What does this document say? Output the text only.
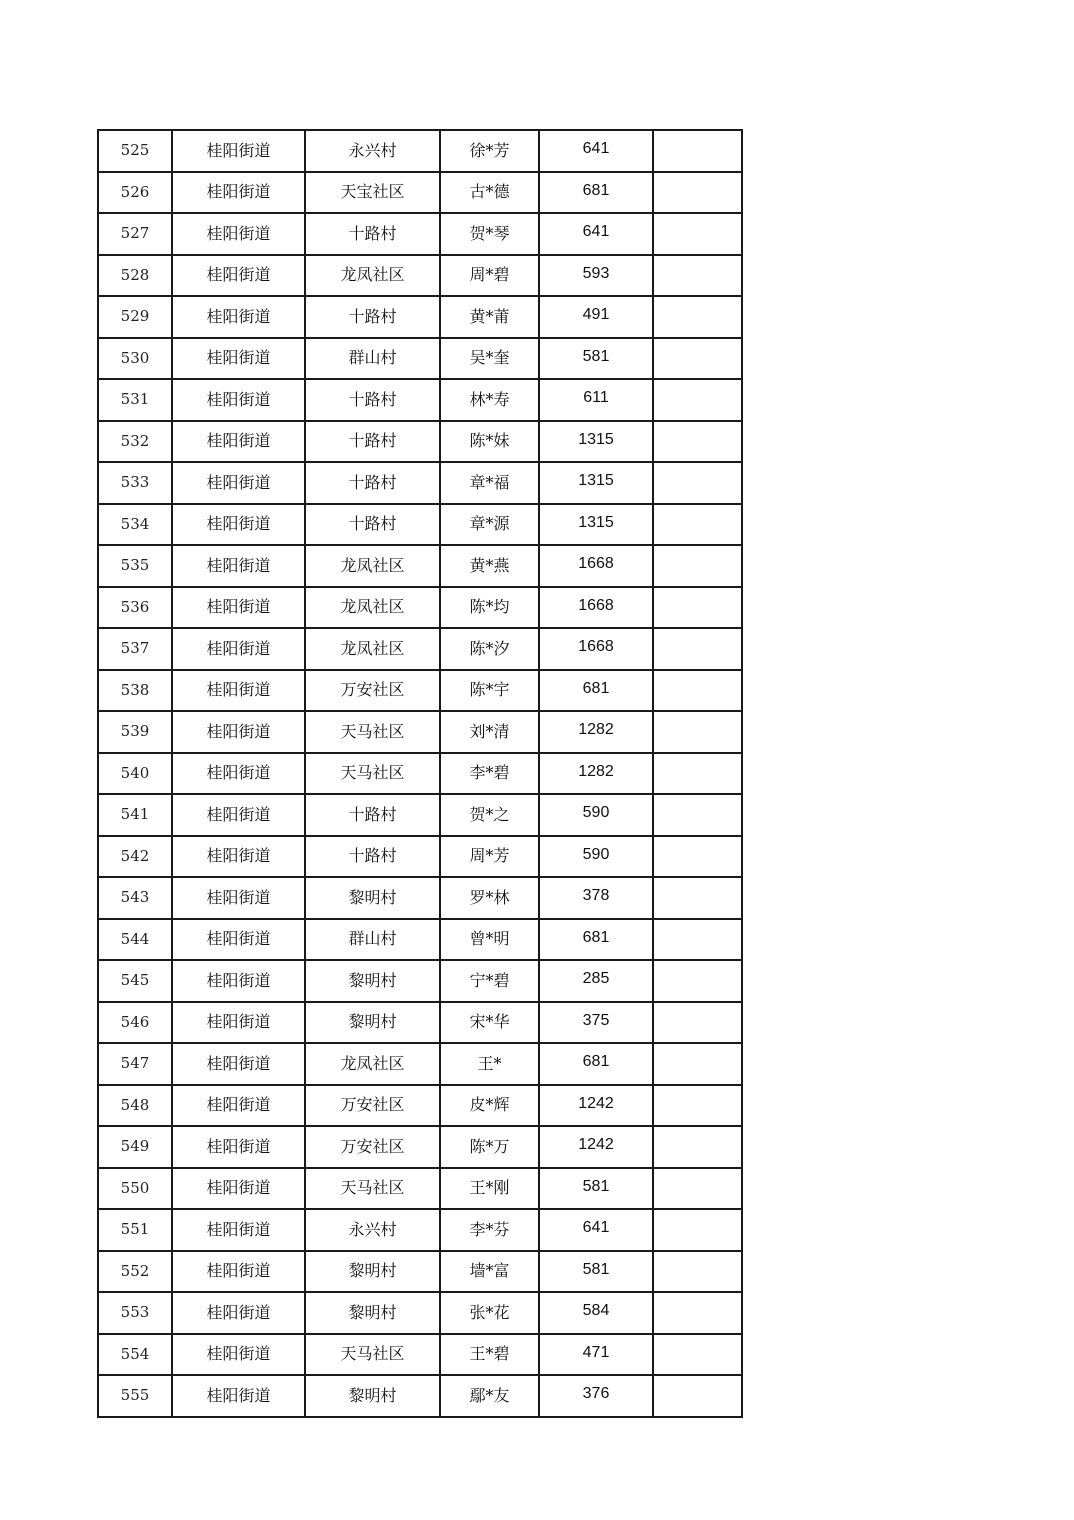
525	桂阳街道	永兴村	徐*芳	641	
526	桂阳街道	天宝社区	古*德	681	
527	桂阳街道	十路村	贺*琴	641	
528	桂阳街道	龙凤社区	周*碧	593	
529	桂阳街道	十路村	黄*莆	491	
530	桂阳街道	群山村	吴*奎	581	
531	桂阳街道	十路村	林*寿	611	
532	桂阳街道	十路村	陈*妹	1315	
533	桂阳街道	十路村	章*福	1315	
534	桂阳街道	十路村	章*源	1315	
535	桂阳街道	龙凤社区	黄*燕	1668	
536	桂阳街道	龙凤社区	陈*均	1668	
537	桂阳街道	龙凤社区	陈*汐	1668	
538	桂阳街道	万安社区	陈*宇	681	
539	桂阳街道	天马社区	刘*清	1282	
540	桂阳街道	天马社区	李*碧	1282	
541	桂阳街道	十路村	贺*之	590	
542	桂阳街道	十路村	周*芳	590	
543	桂阳街道	黎明村	罗*林	378	
544	桂阳街道	群山村	曾*明	681	
545	桂阳街道	黎明村	宁*碧	285	
546	桂阳街道	黎明村	宋*华	375	
547	桂阳街道	龙凤社区	王*	681	
548	桂阳街道	万安社区	皮*辉	1242	
549	桂阳街道	万安社区	陈*万	1242	
550	桂阳街道	天马社区	王*刚	581	
551	桂阳街道	永兴村	李*芬	641	
552	桂阳街道	黎明村	墙*富	581	
553	桂阳街道	黎明村	张*花	584	
554	桂阳街道	天马社区	王*碧	471	
555	桂阳街道	黎明村	鄢*友	376	
